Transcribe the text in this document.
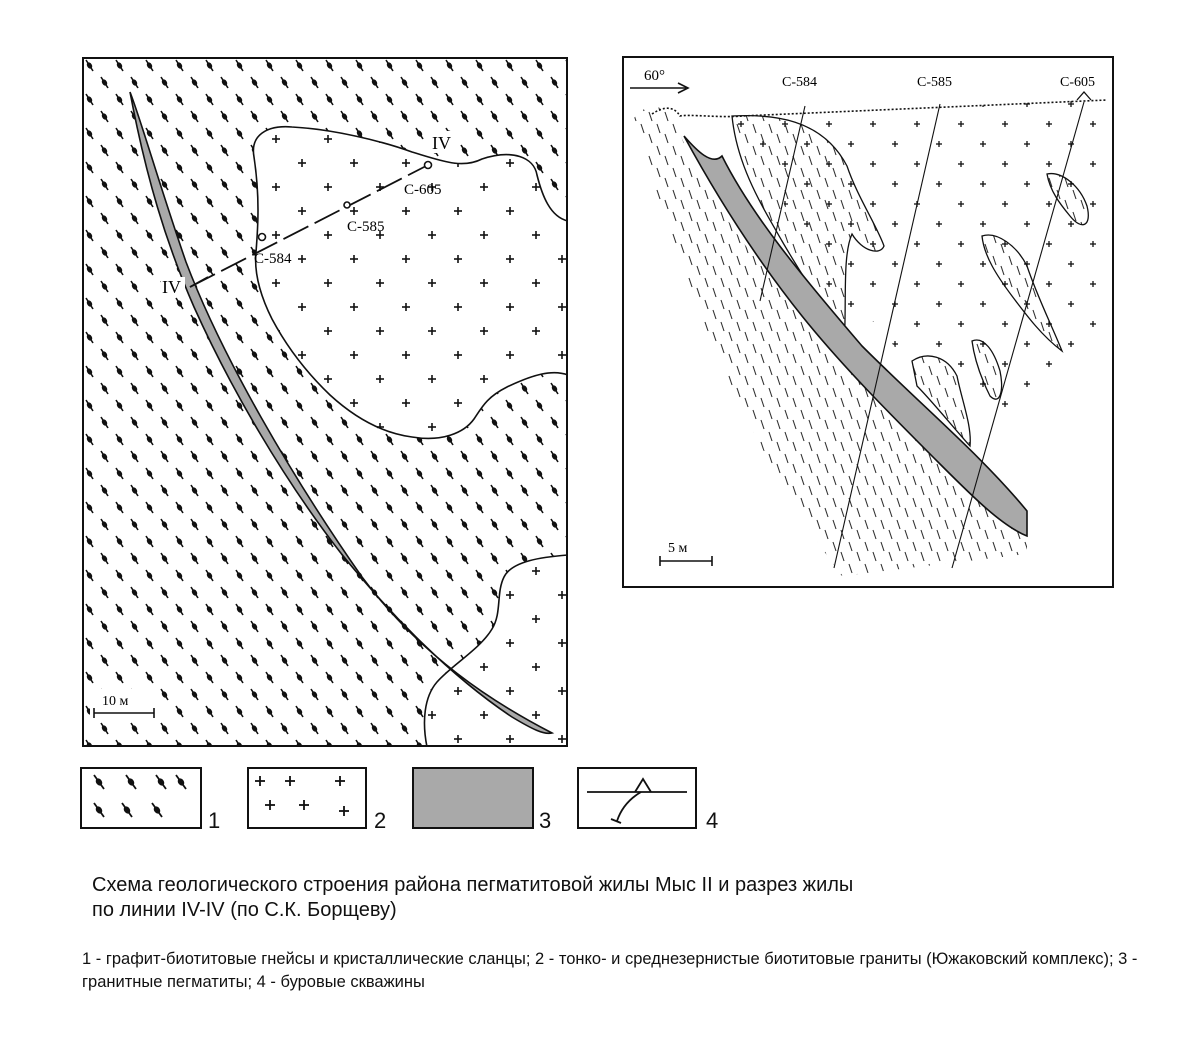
IV
IV
С-584
С-585
С-605
10 м
60°	С-584	С-585	С-605
5 м
1	2	3	4
Схема геологического строения района пегматитовой жилы Мыс II и разрез жилы
по линии IV-IV (по С.К. Борщеву)
1 - графит-биотитовые гнейсы и кристаллические сланцы; 2 - тонко- и среднезернистые биотитовые граниты (Южаковский комплекс); 3 - гранитные пегматиты; 4 - буровые скважины
